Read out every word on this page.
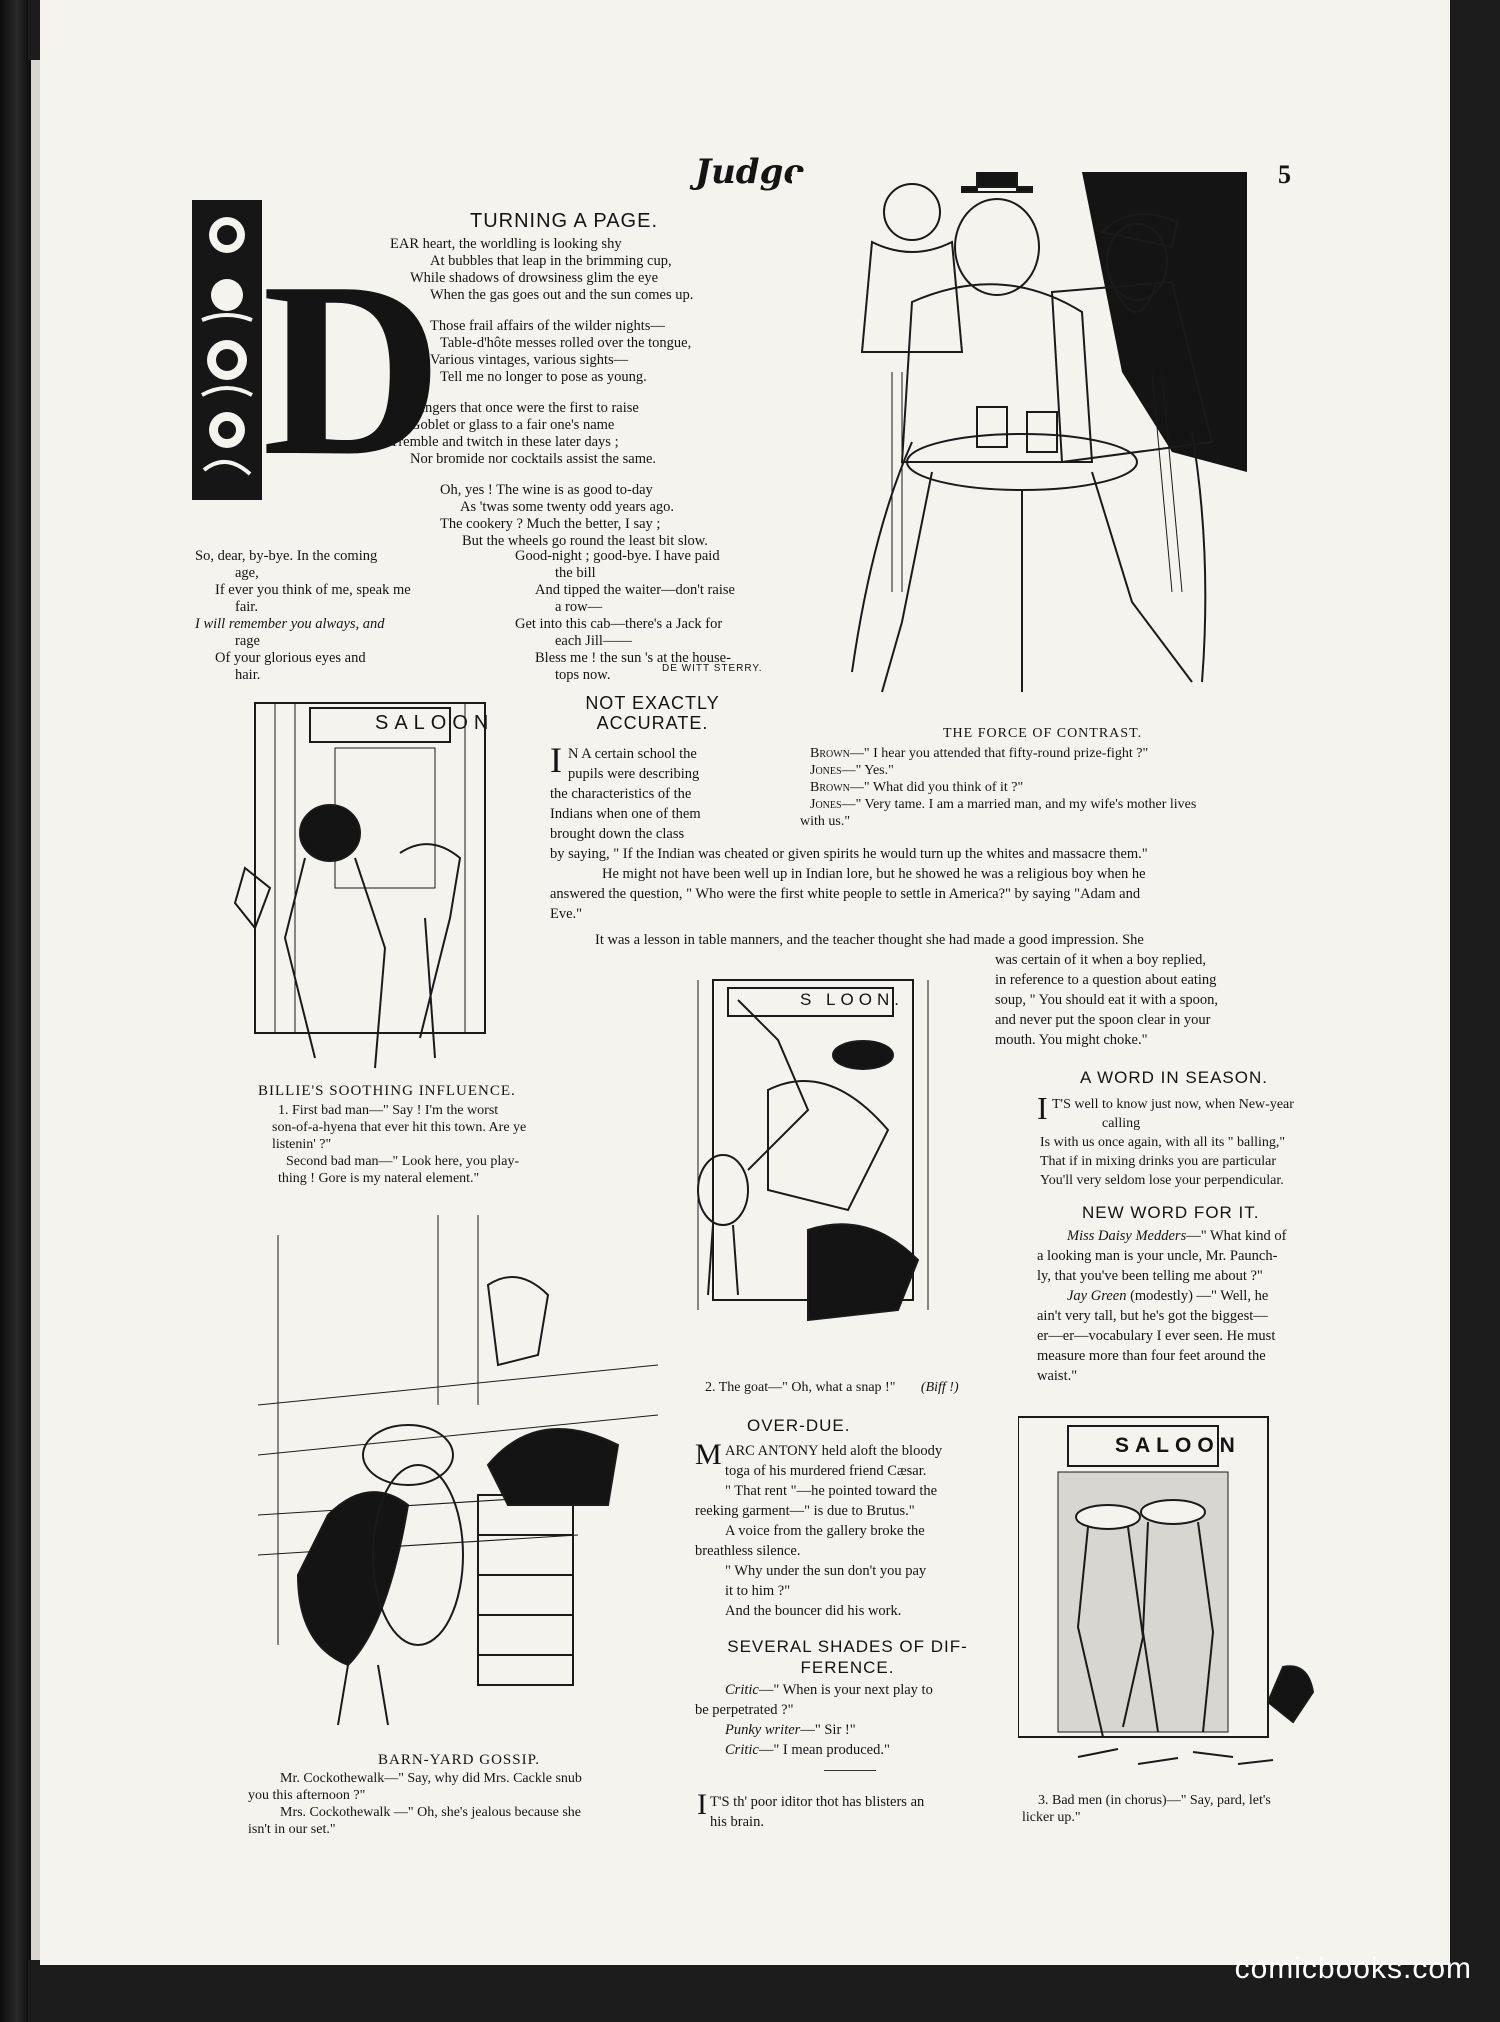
Judge	5
D
TURNING A PAGE.

EAR heart, the worldling is looking shy
At bubbles that leap in the brimming cup,
While shadows of drowsiness glim the eye
When the gas goes out and the sun comes up.

Those frail affairs of the wilder nights—
Table-d'hôte messes rolled over the tongue,
Various vintages, various sights—
Tell me no longer to pose as young.

The fingers that once were the first to raise
Goblet or glass to a fair one's name
Tremble and twitch in these later days ;
Nor bromide nor cocktails assist the same.

Oh, yes ! The wine is as good to-day
As 'twas some twenty odd years ago.
The cookery ? Much the better, I say ;
But the wheels go round the least bit slow.

So, dear, by-bye. In the coming
age,
If ever you think of me, speak me
fair.
I will remember you always, and
rage
Of your glorious eyes and
hair.
Good-night ; good-bye. I have paid
the bill
And tipped the waiter—don't raise
a row—
Get into this cab—there's a Jack for
each Jill——
Bless me ! the sun 's at the house-
tops now.	DE WITT STERRY.
THE FORCE OF CONTRAST.
Brown—" I hear you attended that fifty-round prize-fight ?"
Jones—" Yes."
Brown—" What did you think of it ?"
Jones—" Very tame. I am a married man, and my wife's mother lives
with us."
SALOON
BILLIE'S SOOTHING INFLUENCE.
1. First bad man—" Say ! I'm the worst
son-of-a-hyena that ever hit this town. Are ye
listenin' ?"
Second bad man—" Look here, you play-
thing ! Gore is my nateral element."
NOT EXACTLY
ACCURATE.
I N A certain school the
pupils were describing
the characteristics of the
Indians when one of them
brought down the class
by saying, " If the Indian was cheated or given spirits he would turn up the whites and massacre them."
He might not have been well up in Indian lore, but he showed he was a religious boy when he
answered the question, " Who were the first white people to settle in America?" by saying "Adam and
Eve."
It was a lesson in table manners, and the teacher thought she had made a good impression. She
was certain of it when a boy replied,
in reference to a question about eating
soup, " You should eat it with a spoon,
and never put the spoon clear in your
mouth. You might choke."
S LOON.
2. The goat—" Oh, what a snap !" (Biff !)
A WORD IN SEASON.
I T'S well to know just now, when New-year
calling
Is with us once again, with all its " balling,"
That if in mixing drinks you are particular
You'll very seldom lose your perpendicular.
NEW WORD FOR IT.
Miss Daisy Medders—" What kind of
a looking man is your uncle, Mr. Paunch-
ly, that you've been telling me about ?"
Jay Green (modestly) —" Well, he
ain't very tall, but he's got the biggest—
er—er—vocabulary I ever seen. He must
measure more than four feet around the
waist."
BARN-YARD GOSSIP.
Mr. Cockothewalk—" Say, why did Mrs. Cackle snub
you this afternoon ?"
Mrs. Cockothewalk —" Oh, she's jealous because she
isn't in our set."
OVER-DUE.
M ARC ANTONY held aloft the bloody
toga of his murdered friend Cæsar.
" That rent "—he pointed toward the
reeking garment—" is due to Brutus."
A voice from the gallery broke the
breathless silence.
" Why under the sun don't you pay
it to him ?"
And the bouncer did his work.
SEVERAL SHADES OF DIF-
FERENCE.
Critic—" When is your next play to
be perpetrated ?"
Punky writer—" Sir !"
Critic—" I mean produced."
I T'S th' poor iditor thot has blisters an
his brain.
SALOON
3. Bad men (in chorus)—" Say, pard, let's
licker up."
comicbooks.com
